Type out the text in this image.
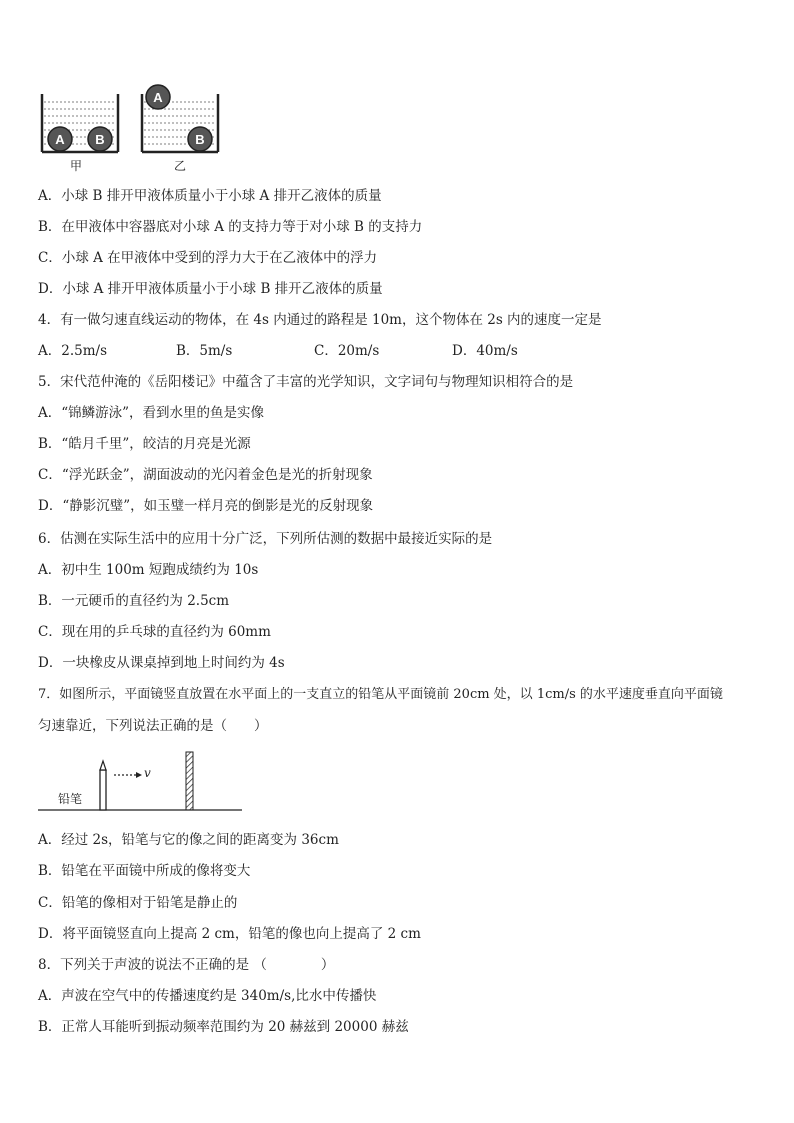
A B
甲
A
B
乙
A．小球 B 排开甲液体质量小于小球 A 排开乙液体的质量
B．在甲液体中容器底对小球 A 的支持力等于对小球 B 的支持力
C．小球 A 在甲液体中受到的浮力大于在乙液体中的浮力
D．小球 A 排开甲液体质量小于小球 B 排开乙液体的质量
4．有一做匀速直线运动的物体，在 4s 内通过的路程是 10m，这个物体在 2s 内的速度一定是
A．2.5m/s	B．5m/s	C．20m/s	D．40m/s
5．宋代范仲淹的《岳阳楼记》中蕴含了丰富的光学知识，文字词句与物理知识相符合的是
A．“锦鳞游泳”，看到水里的鱼是实像
B．“皓月千里”，皎洁的月亮是光源
C．“浮光跃金”，湖面波动的光闪着金色是光的折射现象
D．“静影沉璧”，如玉璧一样月亮的倒影是光的反射现象
6．估测在实际生活中的应用十分广泛，下列所估测的数据中最接近实际的是
A．初中生 100m 短跑成绩约为 10s
B．一元硬币的直径约为 2.5cm
C．现在用的乒乓球的直径约为 60mm
D．一块橡皮从课桌掉到地上时间约为 4s
7．如图所示，平面镜竖直放置在水平面上的一支直立的铅笔从平面镜前 20cm 处，以 1cm/s 的水平速度垂直向平面镜
匀速靠近，下列说法正确的是（　　）
铅笔
v
A．经过 2s，铅笔与它的像之间的距离变为 36cm
B．铅笔在平面镜中所成的像将变大
C．铅笔的像相对于铅笔是静止的
D．将平面镜竖直向上提高 2 cm，铅笔的像也向上提高了 2 cm
8．下列关于声波的说法不正确的是 （　　　　）
A．声波在空气中的传播速度约是 340m/s,比水中传播快
B．正常人耳能听到振动频率范围约为 20 赫兹到 20000 赫兹
